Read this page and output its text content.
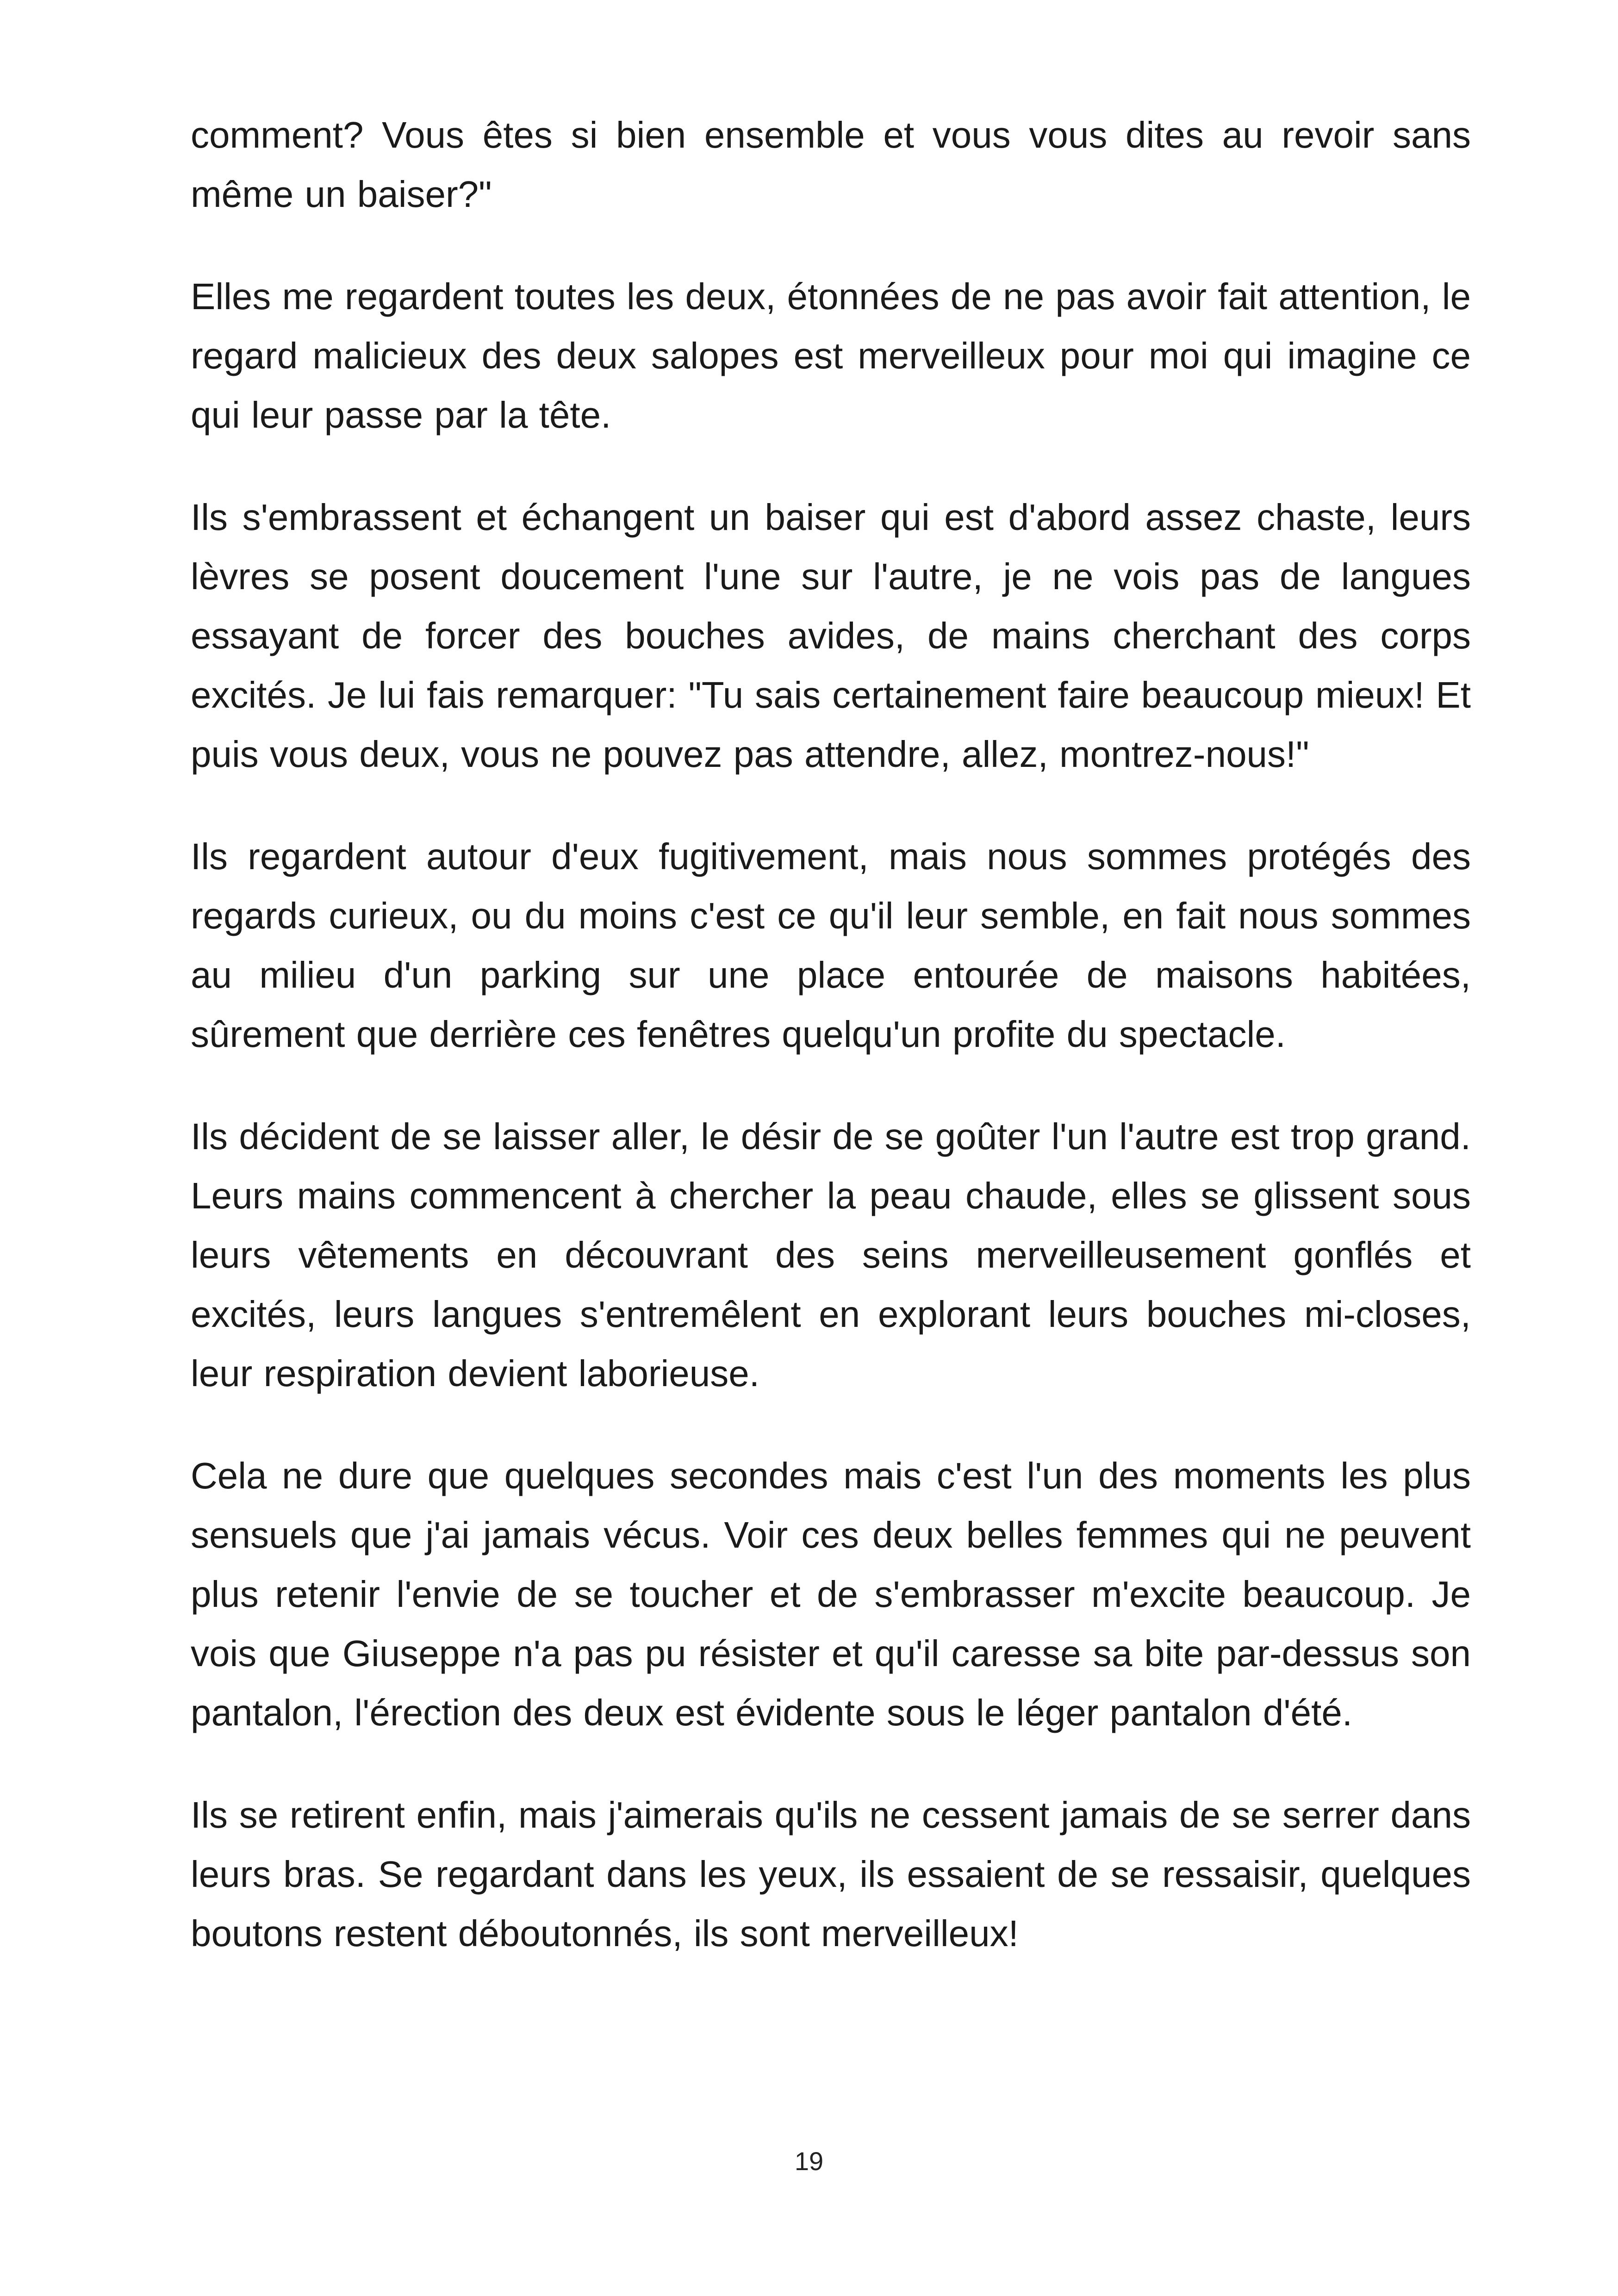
comment? Vous êtes si bien ensemble et vous vous dites au revoir sans même un baiser?"

Elles me regardent toutes les deux, étonnées de ne pas avoir fait attention, le regard malicieux des deux salopes est merveilleux pour moi qui imagine ce qui leur passe par la tête.

Ils s'embrassent et échangent un baiser qui est d'abord assez chaste, leurs lèvres se posent doucement l'une sur l'autre, je ne vois pas de langues essayant de forcer des bouches avides, de mains cherchant des corps excités. Je lui fais remarquer: "Tu sais certainement faire beaucoup mieux! Et puis vous deux, vous ne pouvez pas attendre, allez, montrez-nous!"

Ils regardent autour d'eux fugitivement, mais nous sommes protégés des regards curieux, ou du moins c'est ce qu'il leur semble, en fait nous sommes au milieu d'un parking sur une place entourée de maisons habitées, sûrement que derrière ces fenêtres quelqu'un profite du spectacle.

Ils décident de se laisser aller, le désir de se goûter l'un l'autre est trop grand. Leurs mains commencent à chercher la peau chaude, elles se glissent sous leurs vêtements en découvrant des seins merveilleusement gonflés et excités, leurs langues s'entremêlent en explorant leurs bouches mi-closes, leur respiration devient laborieuse.

Cela ne dure que quelques secondes mais c'est l'un des moments les plus sensuels que j'ai jamais vécus. Voir ces deux belles femmes qui ne peuvent plus retenir l'envie de se toucher et de s'embrasser m'excite beaucoup. Je vois que Giuseppe n'a pas pu résister et qu'il caresse sa bite par-dessus son pantalon, l'érection des deux est évidente sous le léger pantalon d'été.

Ils se retirent enfin, mais j'aimerais qu'ils ne cessent jamais de se serrer dans leurs bras. Se regardant dans les yeux, ils essaient de se ressaisir, quelques boutons restent déboutonnés, ils sont merveilleux!

19
